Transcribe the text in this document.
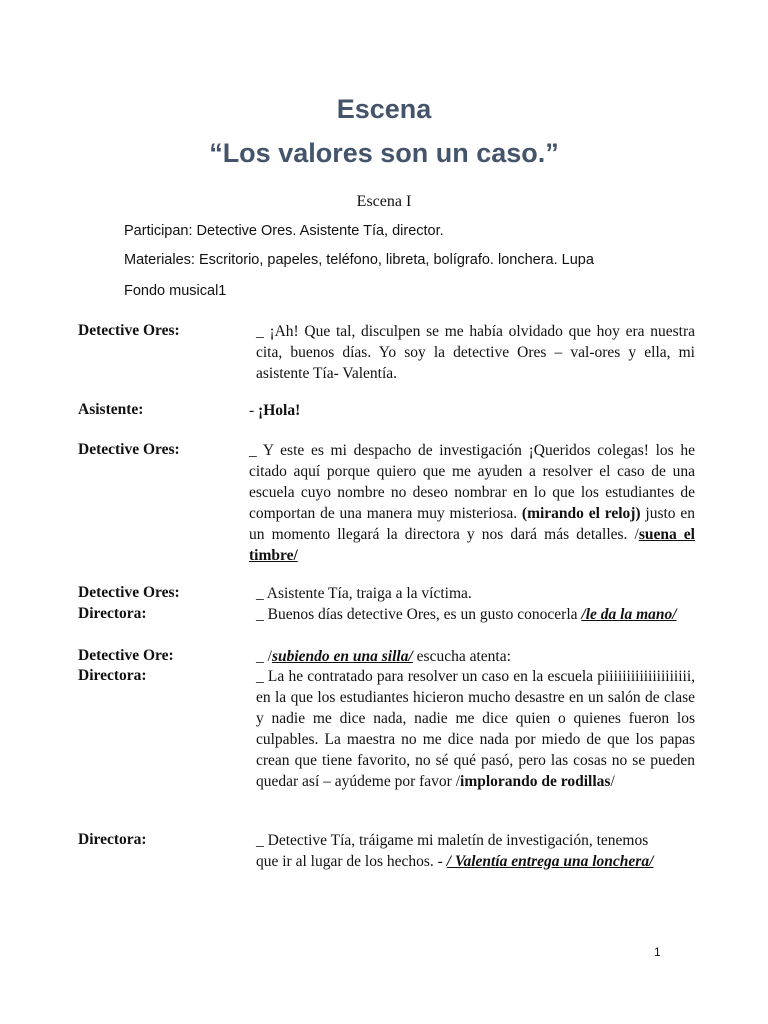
Escena
“Los valores son un caso.”
Escena I
Participan: Detective Ores. Asistente Tía, director.
Materiales: Escritorio, papeles, teléfono, libreta, bolígrafo. lonchera. Lupa
Fondo musical1
Detective Ores:	_ ¡Ah! Que tal, disculpen se me había olvidado que hoy era nuestra cita, buenos días. Yo soy la detective Ores – val-ores y ella, mi asistente Tía- Valentía.
Asistente:	- ¡Hola!
Detective Ores:	_ Y este es mi despacho de investigación ¡Queridos colegas! los he citado aquí porque quiero que me ayuden a resolver el caso de una escuela cuyo nombre no deseo nombrar en lo que los estudiantes de comportan de una manera muy misteriosa. (mirando el reloj) justo en un momento llegará la directora y nos dará más detalles. /suena el timbre/
Detective Ores:	_ Asistente Tía, traiga a la víctima.
Directora:	_ Buenos días detective Ores, es un gusto conocerla /le da la mano/
Detective Ore:	_ /subiendo en una silla/ escucha atenta:
Directora:	_ La he contratado para resolver un caso en la escuela piiiiiiiiiiiiiiiiiiii, en la que los estudiantes hicieron mucho desastre en un salón de clase y nadie me dice nada, nadie me dice quien o quienes fueron los culpables. La maestra no me dice nada por miedo de que los papas crean que tiene favorito, no sé qué pasó, pero las cosas no se pueden quedar así – ayúdeme por favor /implorando de rodillas/
Directora:	_ Detective Tía, tráigame mi maletín de investigación, tenemos
que ir al lugar de los hechos. - / Valentía entrega una lonchera/
1
